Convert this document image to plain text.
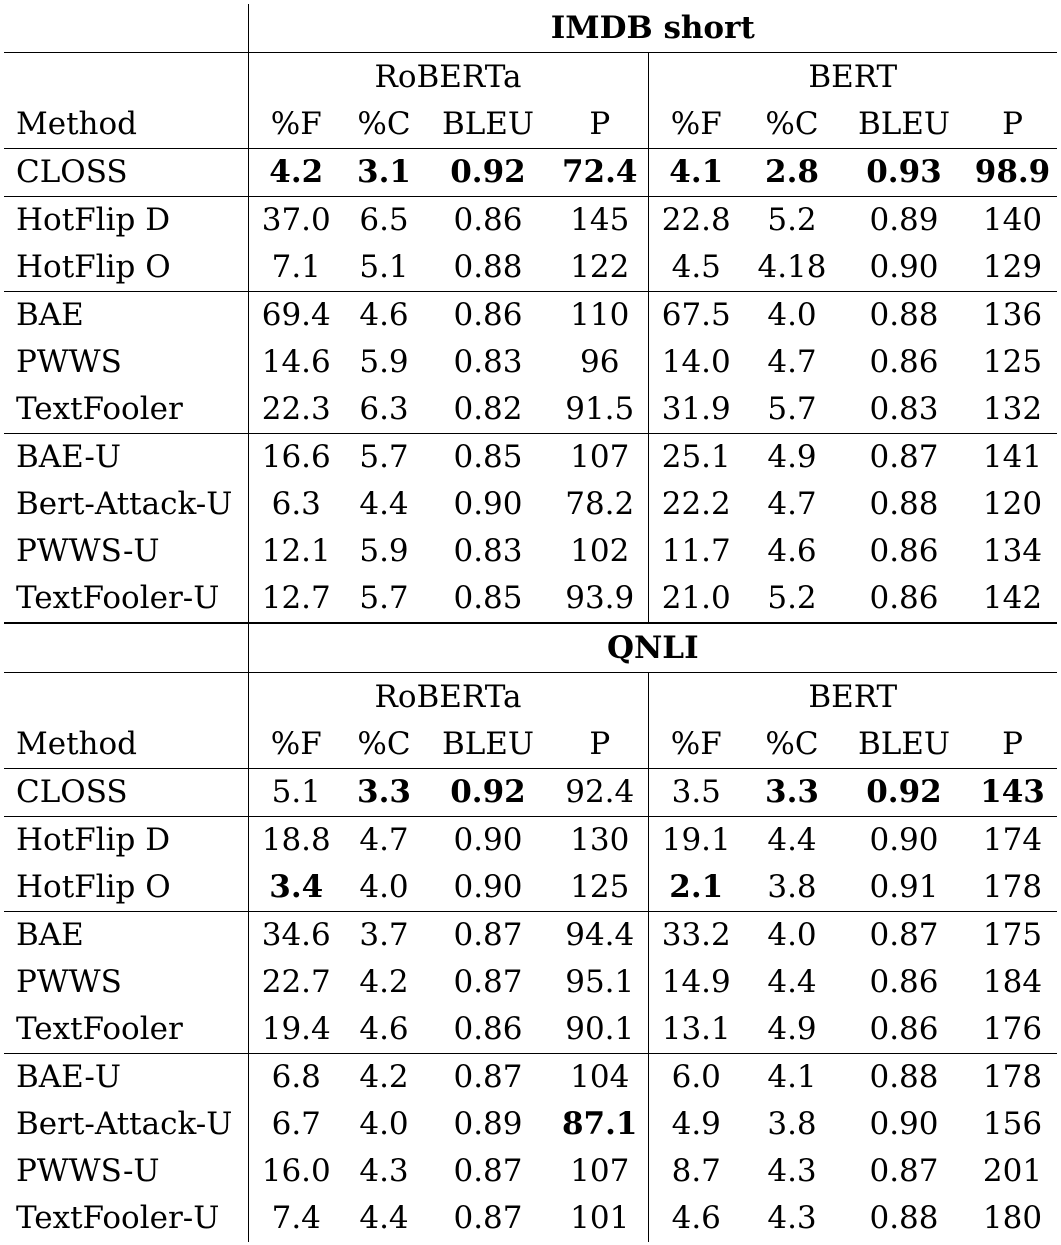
	IMDB short							
	RoBERTa				BERT			
Method	%F	%C	BLEU	P	%F	%C	BLEU	P
CLOSS	4.2	3.1	0.92	72.4	4.1	2.8	0.93	98.9
HotFlip D	37.0	6.5	0.86	145	22.8	5.2	0.89	140
HotFlip O	7.1	5.1	0.88	122	4.5	4.18	0.90	129
BAE	69.4	4.6	0.86	110	67.5	4.0	0.88	136
PWWS	14.6	5.9	0.83	96	14.0	4.7	0.86	125
TextFooler	22.3	6.3	0.82	91.5	31.9	5.7	0.83	132
BAE-U	16.6	5.7	0.85	107	25.1	4.9	0.87	141
Bert-Attack-U	6.3	4.4	0.90	78.2	22.2	4.7	0.88	120
PWWS-U	12.1	5.9	0.83	102	11.7	4.6	0.86	134
TextFooler-U	12.7	5.7	0.85	93.9	21.0	5.2	0.86	142
	QNLI							
	RoBERTa				BERT			
Method	%F	%C	BLEU	P	%F	%C	BLEU	P
CLOSS	5.1	3.3	0.92	92.4	3.5	3.3	0.92	143
HotFlip D	18.8	4.7	0.90	130	19.1	4.4	0.90	174
HotFlip O	3.4	4.0	0.90	125	2.1	3.8	0.91	178
BAE	34.6	3.7	0.87	94.4	33.2	4.0	0.87	175
PWWS	22.7	4.2	0.87	95.1	14.9	4.4	0.86	184
TextFooler	19.4	4.6	0.86	90.1	13.1	4.9	0.86	176
BAE-U	6.8	4.2	0.87	104	6.0	4.1	0.88	178
Bert-Attack-U	6.7	4.0	0.89	87.1	4.9	3.8	0.90	156
PWWS-U	16.0	4.3	0.87	107	8.7	4.3	0.87	201
TextFooler-U	7.4	4.4	0.87	101	4.6	4.3	0.88	180
